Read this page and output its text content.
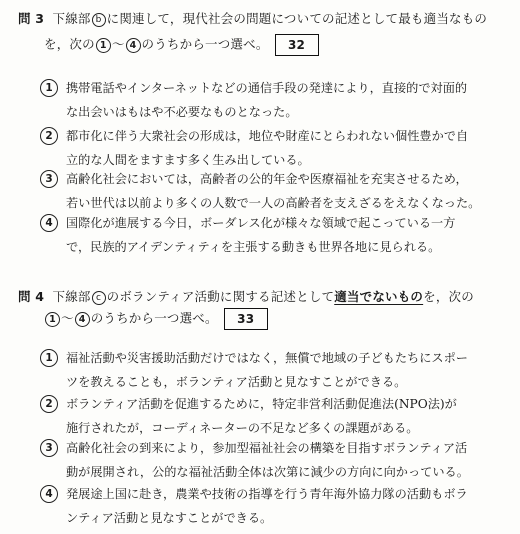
問 3 下線部 b に関連して，現代社会の問題についての記述として最も適当なもの
を，次の 1 〜 4 のうちから一つ選べ。 32
1	携帯電話やインターネットなどの通信手段の発達により，直接的で対面的
な出会いはもはや不必要なものとなった。
2	都市化に伴う大衆社会の形成は，地位や財産にとらわれない個性豊かで自
立的な人間をますます多く生み出している。
3	高齢化社会においては，高齢者の公的年金や医療福祉を充実させるため，
若い世代は以前より多くの人数で一人の高齢者を支えざるをえなくなった。
4	国際化が進展する今日，ボーダレス化が様々な領域で起こっている一方
で，民族的アイデンティティを主張する動きも世界各地に見られる。
問 4 下線部 c のボランティア活動に関する記述として適当でないものを，次の
1 〜 4 のうちから一つ選べ。 33
1	福祉活動や災害援助活動だけではなく，無償で地域の子どもたちにスポー
ツを教えることも，ボランティア活動と見なすことができる。
2	ボランティア活動を促進するために，特定非営利活動促進法(NPO法)が
施行されたが，コーディネーターの不足など多くの課題がある。
3	高齢化社会の到来により，参加型福祉社会の構築を目指すボランティア活
動が展開され，公的な福祉活動全体は次第に減少の方向に向かっている。
4	発展途上国に赴き，農業や技術の指導を行う青年海外協力隊の活動もボラ
ンティア活動と見なすことができる。
